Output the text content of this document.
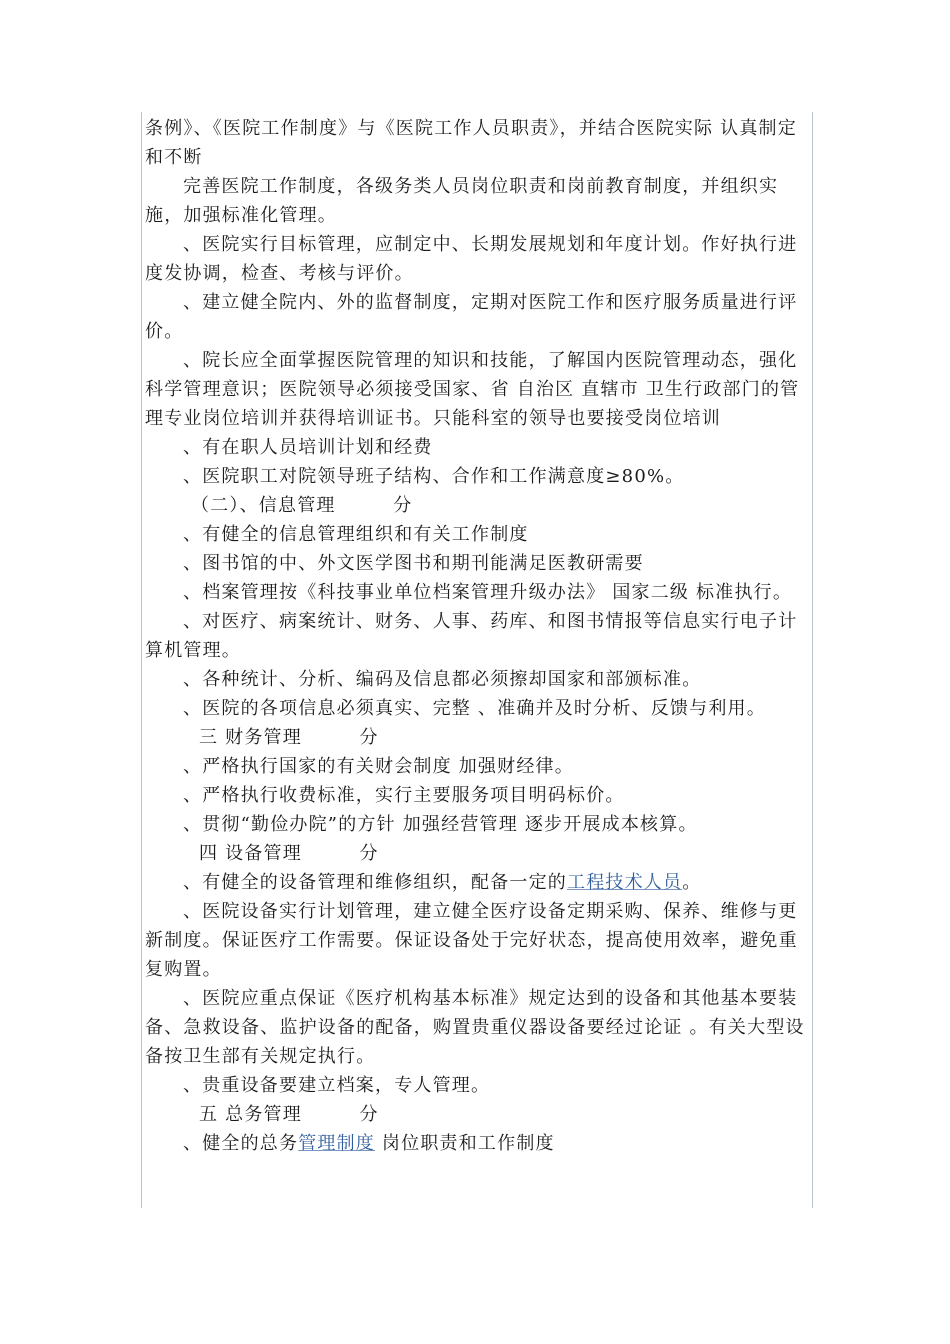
条例》、《医院工作制度》与《医院工作人员职责》，并结合医院实际 认真制定和不断

完善医院工作制度，各级务类人员岗位职责和岗前教育制度，并组织实施，加强标准化管理。

、医院实行目标管理，应制定中、长期发展规划和年度计划。作好执行进度发协调，检查、考核与评价。

、建立健全院内、外的监督制度，定期对医院工作和医疗服务质量进行评价。

、院长应全面掌握医院管理的知识和技能，了解国内医院管理动态，强化科学管理意识；医院领导必须接受国家、省 自治区 直辖市 卫生行政部门的管理专业岗位培训并获得培训证书。只能科室的领导也要接受岗位培训

、有在职人员培训计划和经费

、医院职工对院领导班子结构、合作和工作满意度≥80%。

（二）、信息管理　　　分

、有健全的信息管理组织和有关工作制度

、图书馆的中、外文医学图书和期刊能满足医教研需要

、档案管理按《科技事业单位档案管理升级办法》 国家二级 标准执行。

、对医疗、病案统计、财务、人事、药库、和图书情报等信息实行电子计算机管理。

、各种统计、分析、编码及信息都必须擦却国家和部颁标准。

、医院的各项信息必须真实、完整 、准确并及时分析、反馈与利用。

三 财务管理　　　分

、严格执行国家的有关财会制度 加强财经律。

、严格执行收费标准，实行主要服务项目明码标价。

、贯彻“勤俭办院”的方针 加强经营管理 逐步开展成本核算。

四 设备管理　　　分

、有健全的设备管理和维修组织，配备一定的工程技术人员。

、医院设备实行计划管理，建立健全医疗设备定期采购、保养、维修与更新制度。保证医疗工作需要。保证设备处于完好状态，提高使用效率，避免重复购置。

、医院应重点保证《医疗机构基本标准》规定达到的设备和其他基本要装备、急救设备、监护设备的配备，购置贵重仪器设备要经过论证 。有关大型设备按卫生部有关规定执行。

、贵重设备要建立档案，专人管理。

五 总务管理　　　分

、健全的总务管理制度 岗位职责和工作制度
